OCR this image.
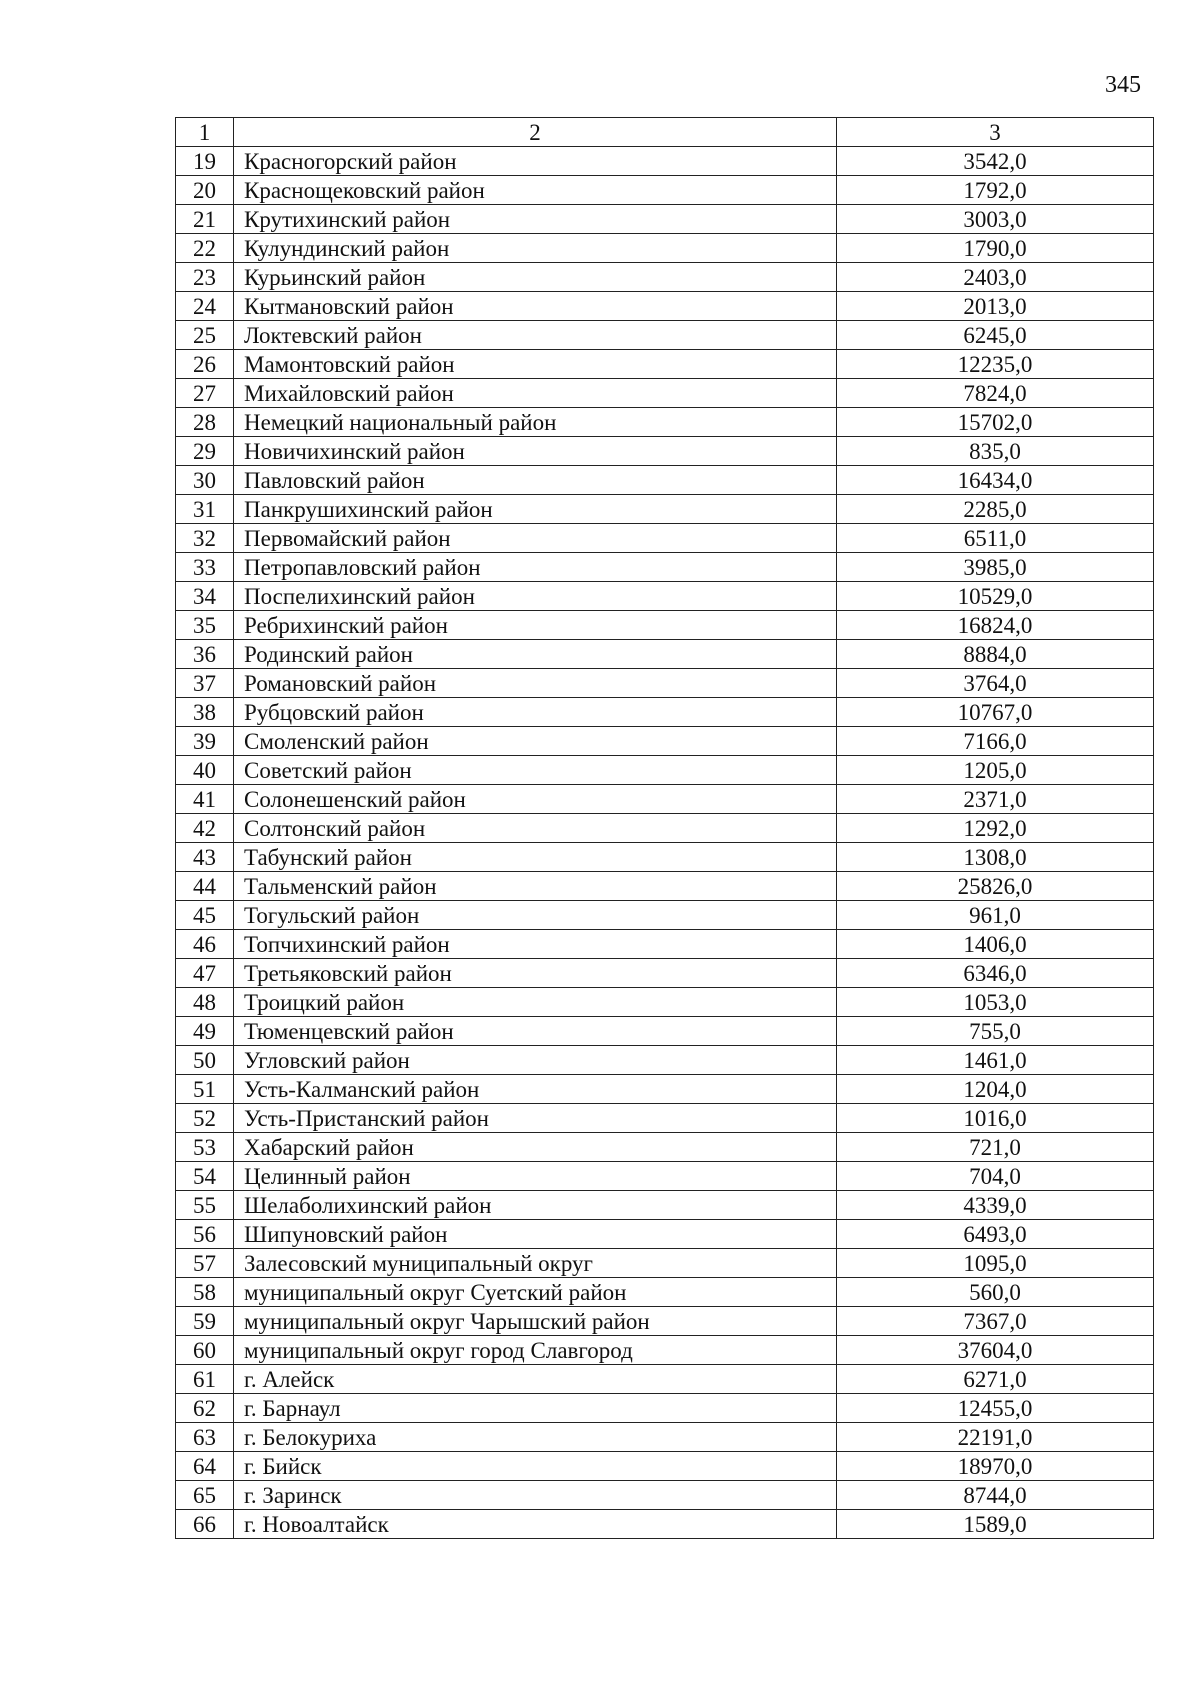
345
1	2	3
19	Красногорский район	3542,0
20	Краснощековский район	1792,0
21	Крутихинский район	3003,0
22	Кулундинский район	1790,0
23	Курьинский район	2403,0
24	Кытмановский район	2013,0
25	Локтевский район	6245,0
26	Мамонтовский район	12235,0
27	Михайловский район	7824,0
28	Немецкий национальный район	15702,0
29	Новичихинский район	835,0
30	Павловский район	16434,0
31	Панкрушихинский район	2285,0
32	Первомайский район	6511,0
33	Петропавловский район	3985,0
34	Поспелихинский район	10529,0
35	Ребрихинский район	16824,0
36	Родинский район	8884,0
37	Романовский район	3764,0
38	Рубцовский район	10767,0
39	Смоленский район	7166,0
40	Советский район	1205,0
41	Солонешенский район	2371,0
42	Солтонский район	1292,0
43	Табунский район	1308,0
44	Тальменский район	25826,0
45	Тогульский район	961,0
46	Топчихинский район	1406,0
47	Третьяковский район	6346,0
48	Троицкий район	1053,0
49	Тюменцевский район	755,0
50	Угловский район	1461,0
51	Усть-Калманский район	1204,0
52	Усть-Пристанский район	1016,0
53	Хабарский район	721,0
54	Целинный район	704,0
55	Шелаболихинский район	4339,0
56	Шипуновский район	6493,0
57	Залесовский муниципальный округ	1095,0
58	муниципальный округ Суетский район	560,0
59	муниципальный округ Чарышский район	7367,0
60	муниципальный округ город Славгород	37604,0
61	г. Алейск	6271,0
62	г. Барнаул	12455,0
63	г. Белокуриха	22191,0
64	г. Бийск	18970,0
65	г. Заринск	8744,0
66	г. Новоалтайск	1589,0
